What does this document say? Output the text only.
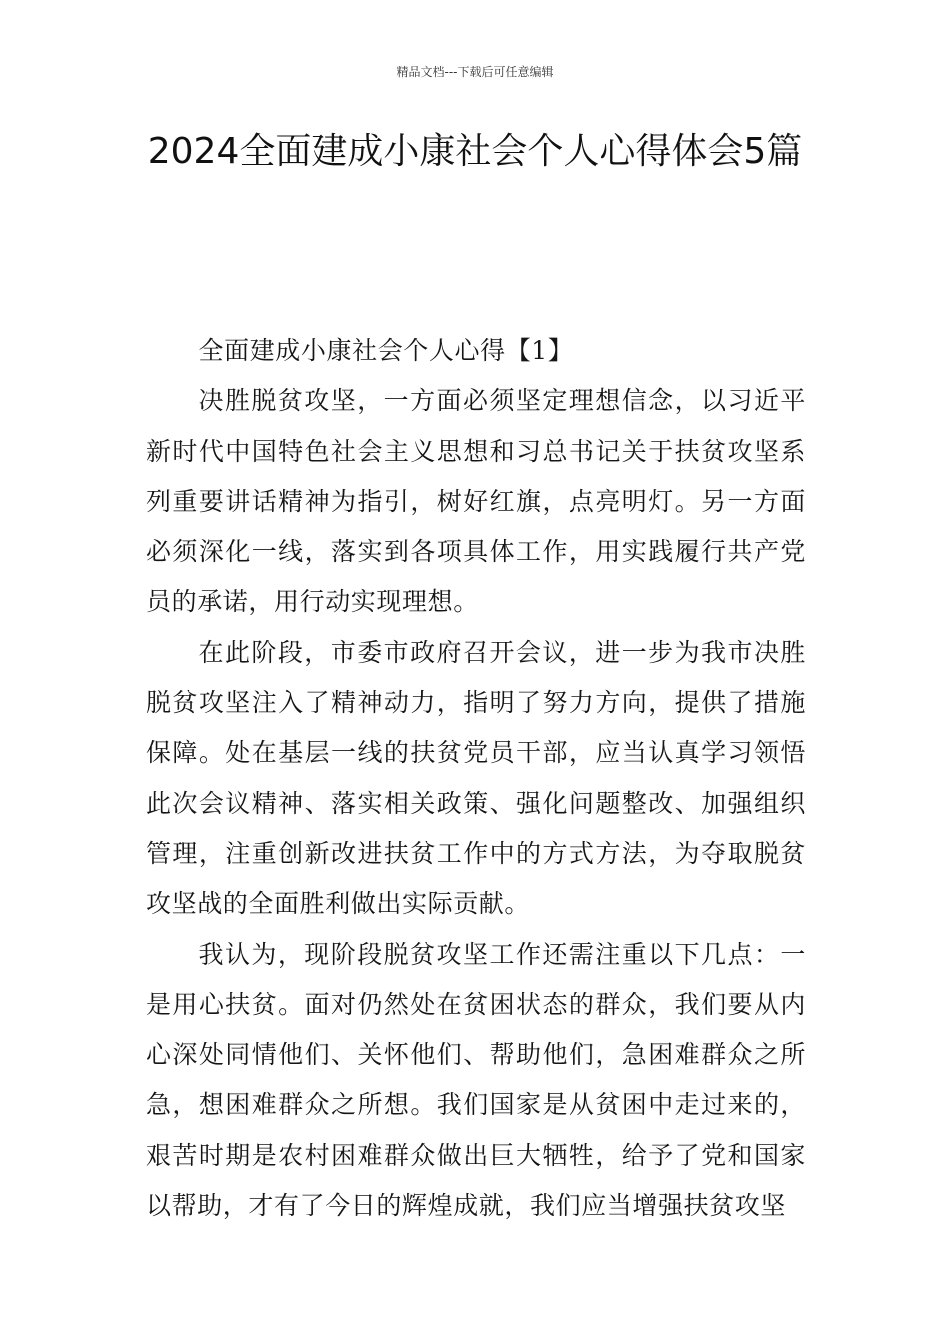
精品文档---下载后可任意编辑
2024全面建成小康社会个人心得体会5篇

全面建成小康社会个人心得【1】

决胜脱贫攻坚，一方面必须坚定理想信念，以习近平新时代中国特色社会主义思想和习总书记关于扶贫攻坚系列重要讲话精神为指引，树好红旗，点亮明灯。另一方面必须深化一线，落实到各项具体工作，用实践履行共产党员的承诺，用行动实现理想。

在此阶段，市委市政府召开会议，进一步为我市决胜脱贫攻坚注入了精神动力，指明了努力方向，提供了措施保障。处在基层一线的扶贫党员干部，应当认真学习领悟此次会议精神、落实相关政策、强化问题整改、加强组织管理，注重创新改进扶贫工作中的方式方法，为夺取脱贫攻坚战的全面胜利做出实际贡献。

我认为，现阶段脱贫攻坚工作还需注重以下几点：一是用心扶贫。面对仍然处在贫困状态的群众，我们要从内心深处同情他们、关怀他们、帮助他们，急困难群众之所急，想困难群众之所想。我们国家是从贫困中走过来的，艰苦时期是农村困难群众做出巨大牺牲，给予了党和国家以帮助，才有了今日的辉煌成就，我们应当增强扶贫攻坚
